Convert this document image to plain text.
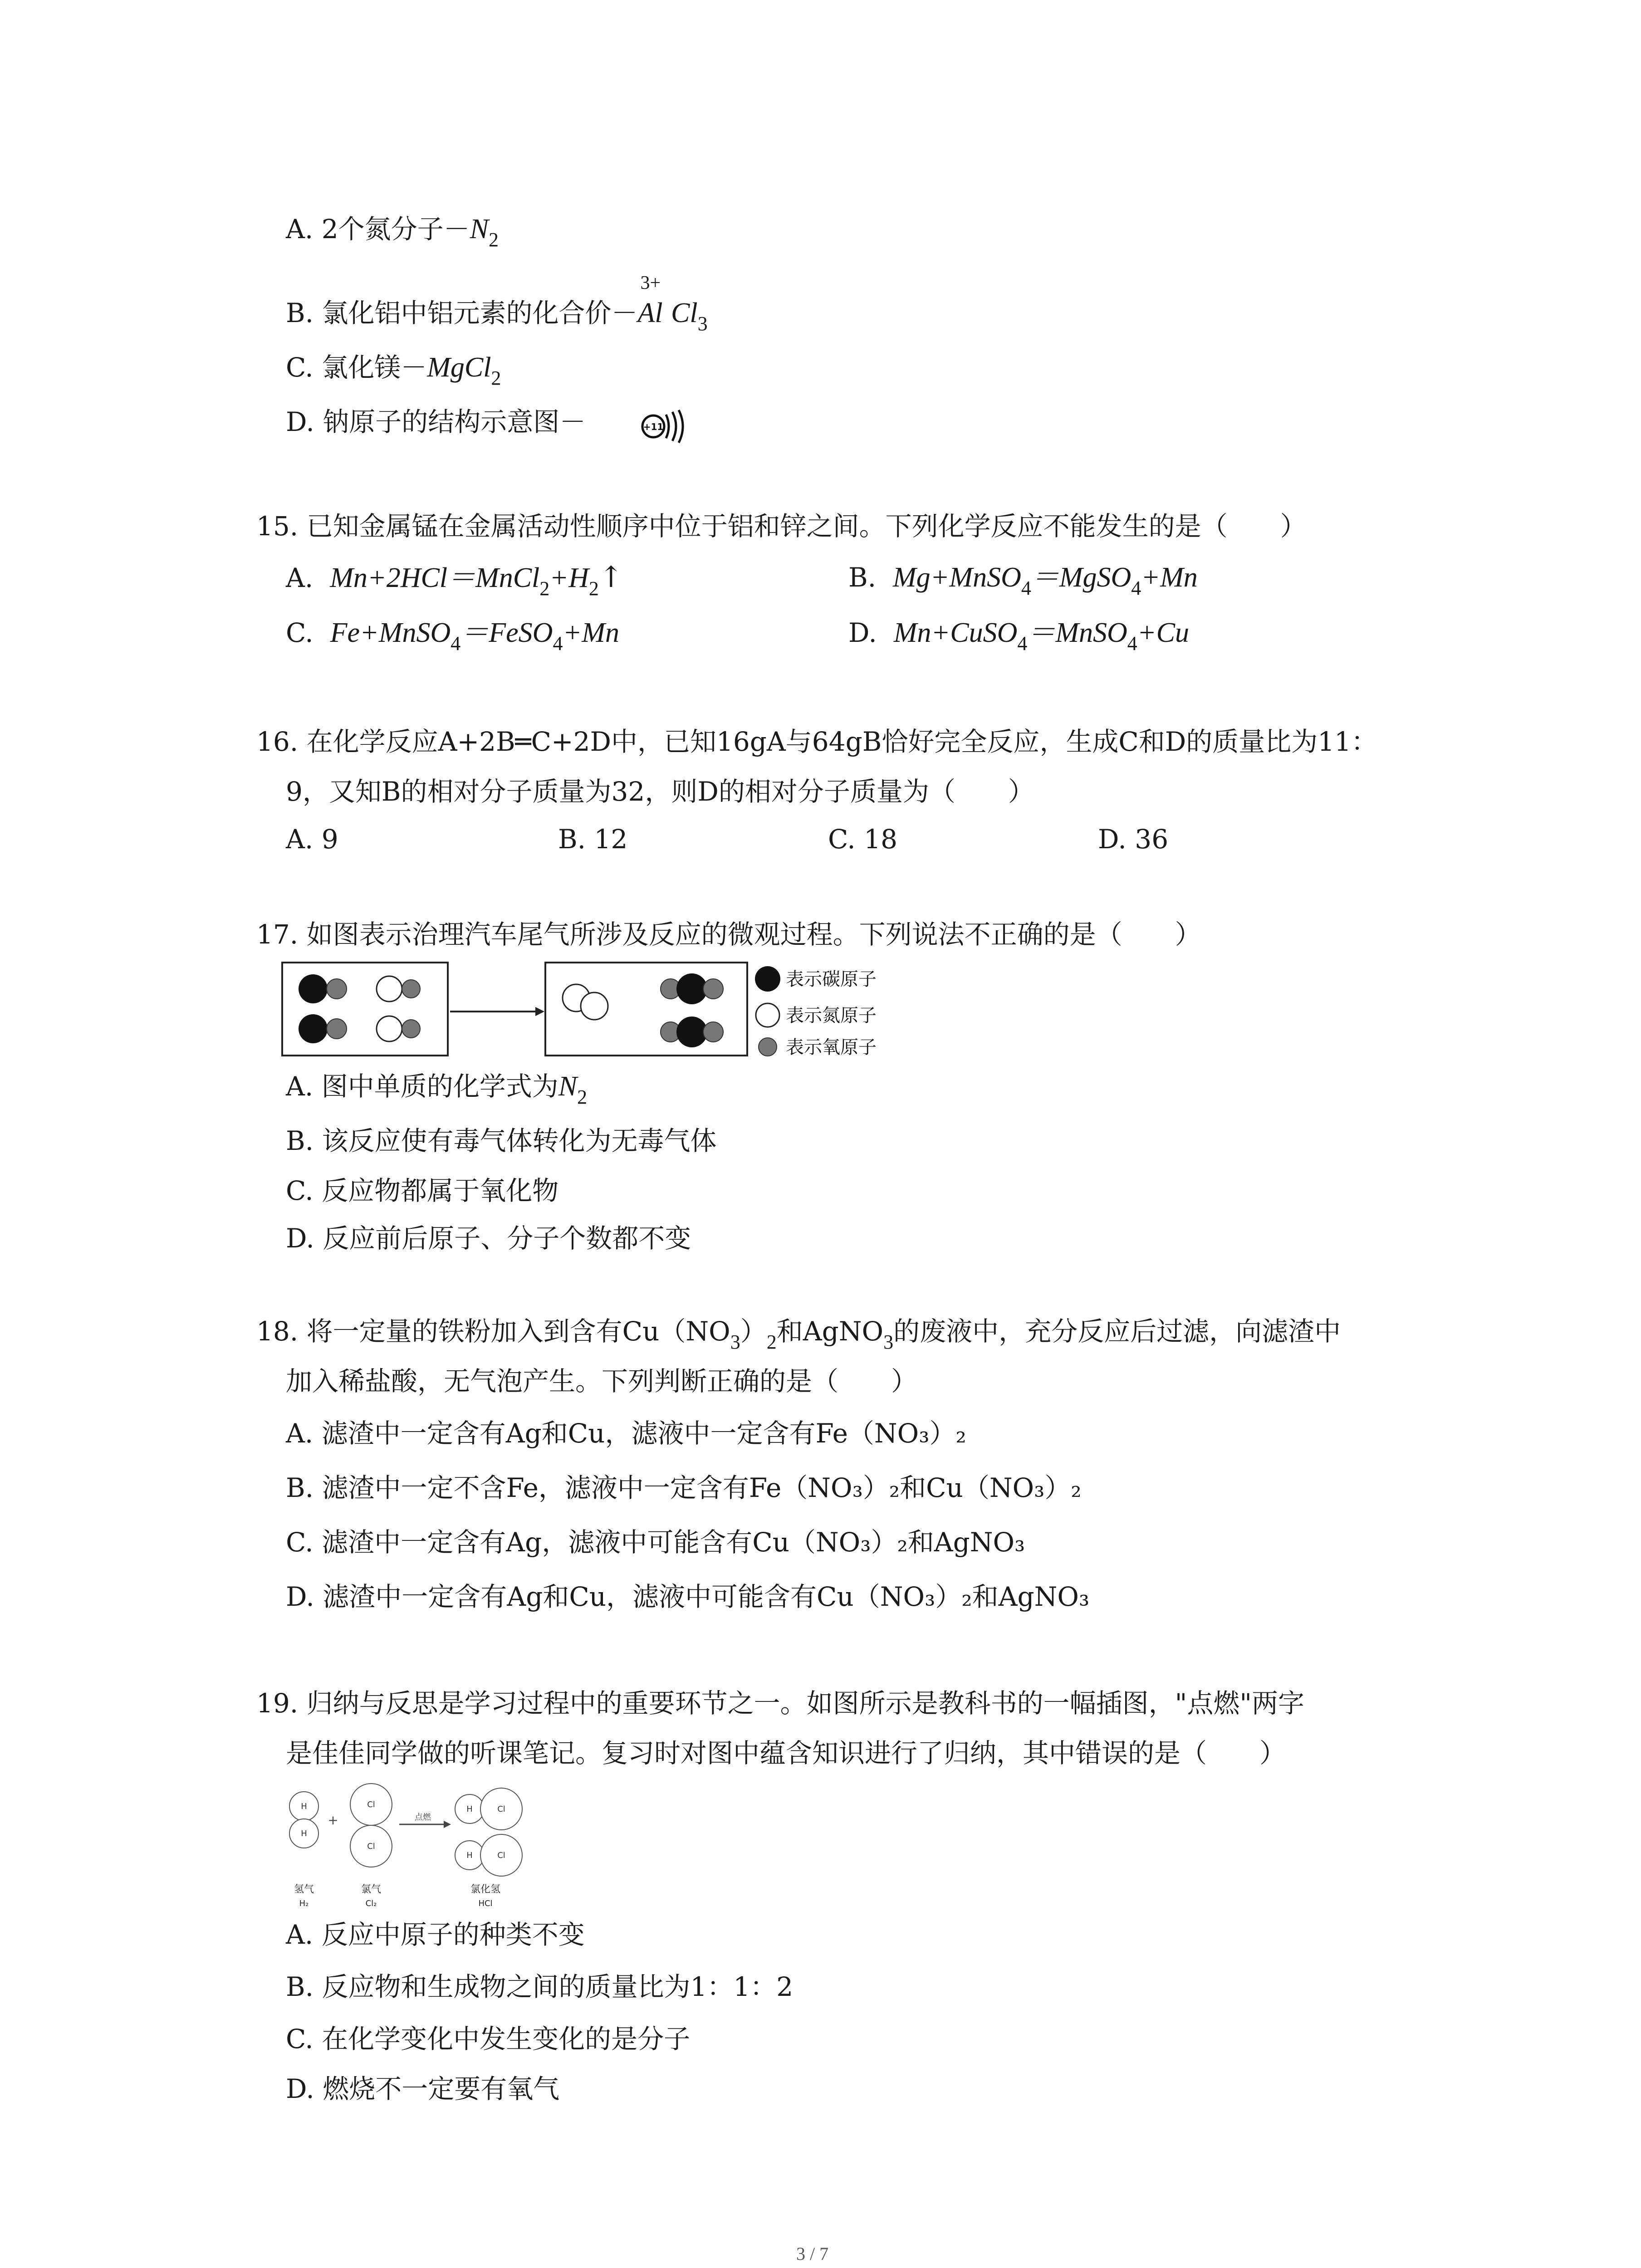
A. 2个氮分子$-N_2$
B. 氯化铝中铝元素的化合价－
3+
Al $Cl_3$
C. 氯化镁－MgCl$_2$
D. 钠原子的结构示意图－	+11
15. 已知金属锰在金属活动性顺序中位于铝和锌之间。下列化学反应不能发生的是（　　）
A. $Mn+2HCl=MnCl_2+H_2↑$	B. Mg+MnSO$_4$＝MgSO$_4$+Mn
C. Fe+MnSO$_4$＝FeSO$_4$+Mn	D. Mn+CuSO$_4$＝MnSO$_4$+Cu
16. 在化学反应A+2B═C+2D中，已知16gA与64gB恰好完全反应，生成C和D的质量比为11：
9，又知B的相对分子质量为32，则D的相对分子质量为（　　）
A. 9	B. 12	C. 18	D. 36
17. 如图表示治理汽车尾气所涉及反应的微观过程。下列说法不正确的是（　　）
表示碳原子
表示氮原子
表示氧原子
A. 图中单质的化学式为$N_2$
B. 该反应使有毒气体转化为无毒气体
C. 反应物都属于氧化物
D. 反应前后原子、分子个数都不变
18. 将一定量的铁粉加入到含有$Cu(NO_3)_2$和AgNO$_3$的废液中，充分反应后过滤，向滤渣中
加入稀盐酸，无气泡产生。下列判断正确的是（　　）
A. 滤渣中一定含有Ag和Cu，滤液中一定含有Fe（NO₃）₂
B. 滤渣中一定不含Fe，滤液中一定含有Fe（NO₃）₂和Cu（NO₃）₂
C. 滤渣中一定含有Ag，滤液中可能含有Cu（NO₃）₂和AgNO₃
D. 滤渣中一定含有Ag和Cu，滤液中可能含有Cu（NO₃）₂和AgNO₃
19. 归纳与反思是学习过程中的重要环节之一。如图所示是教科书的一幅插图，"点燃"两字
是佳佳同学做的听课笔记。复习时对图中蕴含知识进行了归纳，其中错误的是（　　）
H
H
Cl
Cl
H	Cl
H	Cl
+	点燃
氢气
H₂
氯气
Cl₂
氯化氢
HCl
A. 反应中原子的种类不变
B. 反应物和生成物之间的质量比为1：1：2
C. 在化学变化中发生变化的是分子
D. 燃烧不一定要有氧气
3 / 7
